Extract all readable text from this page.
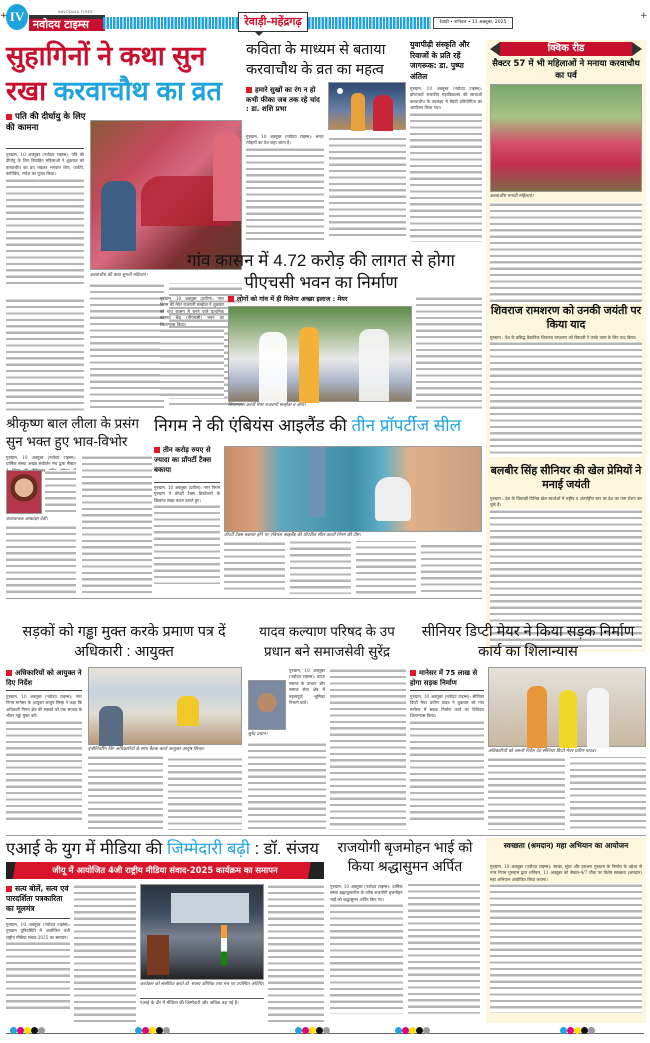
IV	NAVODAYA TIMES
नवोदय टाइम्स	रेवाड़ी-महेंद्रगढ़	रेवाड़ी • शनिवार • 11 अक्तूबर, 2025
+	+
सुहागिनों ने कथा सुन
रखा करवाचौथ का व्रत
पति की दीर्घायु के लिए की कामना
गुरुग्राम, 10 अक्तूबर (नवोदय टाइम्स): पति की दीर्घायु के लिए विवाहित महिलाओं ने शुक्रवार को करवाचौथ का व्रत रखकर भगवान शिव, पार्वती, कार्तिकेय, गणेश का पूजन किया।
करवाचौथ की कथा सुनती महिलाएं।
कविता के माध्यम से बताया करवाचौथ के व्रत का महत्व
हमारे सुखों का रंग न हो कभी फीका जब तक रहे चांद : डा. शशि प्रभा
गुरुग्राम, 10 अक्तूबर (नवोदय टाइम्स): भारत त्योहारों का देश कहा जाता है।
युवापीढ़ी संस्कृति और रिवाजों के प्रति रहें जागरूक: डा. पुष्पा अंतिल
गुरुग्राम, 10 अक्तूबर (नवोदय टाइम्स): द्रोणाचार्य राजकीय महाविद्यालय की छात्राओं करवाचौथ के उपलक्ष्य में मेहंदी प्रतियोगिता का आयोजन किया गया।
क्विक रीड
सैक्टर 57 में भी महिलाओं ने मनाया करवाचौथ का पर्व
करवाचौथ मनाती महिलाएं।
शिवराज रामशरण को उनकी जयंती पर किया याद
गुरुग्राम : देश के प्रसिद्ध वैज्ञानिक शिवराज रामशरण को बिरादरी ने उनके काम के लिए याद किया।
बलबीर सिंह सीनियर की खेल प्रेमियों ने मनाई जयंती
गुरुग्राम : देश के खिलाड़ी विभिन्न खेल स्पर्धाओं में राष्ट्रीय व अंतर्राष्ट्रीय स्तर पर देश का नाम रोशन कर चुके हैं।
गांव कासन में 4.72 करोड़ की लागत से होगा पीएचसी भवन का निर्माण
गुरुग्राम, 10 अक्तूबर (प्रवीण): नगर निगम की मेयर राजरानी मल्होत्रा ने शुक्रवार को गांव कासन में बनने वाले प्राथमिक स्वास्थ्य केंद्र (पीएचसी) भवन का शिलान्यास किया।
लोगों को गांव में ही मिलेगा अच्छा इलाज : मेयर
शिलान्यास करतीं मेयर राजरानी मल्होत्रा व अन्य।
श्रीकृष्ण बाल लीला के प्रसंग
सुन भक्त हुए भाव-विभोर
गुरुग्राम, 10 अक्तूबर (नवोदय टाइम्स): धार्मिक संस्था अखंड संकीर्तन मंच द्वारा सैक्टर
कथावाचक आकांक्षा देवी।
निगम ने की एंबियंस आइलैंड की तीन प्रॉपर्टीज सील
तीन करोड़ रुपए से ज्यादा का प्रॉपर्टी टैक्स बकाया
गुरुग्राम, 10 अक्तूबर (प्रवीण): नगर निगम गुरुग्राम ने प्रॉपर्टी टैक्स डिफॉल्टरों के खिलाफ सख्त कदम उठाते हुए।
प्रॉपर्टी टैक्स बकाया होने पर एंबियंस आइलैंड की प्रॉपर्टीज सील करती निगम की टीम।
सड़कों को गड्ढा मुक्त करके प्रमाण पत्र दें अधिकारी : आयुक्त
अधिकारियों को आयुक्त ने दिए निर्देश
गुरुग्राम, 10 अक्तूबर (नवोदय टाइम्स): नगर निगम मानेसर के आयुक्त आयुष सिन्हा ने कहा कि अधिकारी निगम क्षेत्र की सड़कों को एक सप्ताह के भीतर गड्ढा मुक्त करें।
इंजीनियरिंग विंग अधिकारियों के साथ बैठक करते आयुक्त आयुष सिन्हा।
यादव कल्याण परिषद के उप प्रधान बने समाजसेवी सुरेंद्र
सुरेंद्र प्रधान।
गुरुग्राम, 10 अक्तूबर (नवोदय टाइम्स): यादव समाज के उत्थान और समाज सेवा क्षेत्र में महत्वपूर्ण भूमिका निभाने वाले।
सीनियर डिप्टी मेयर ने किया सड़क निर्माण कार्य का शिलान्यास
मानेसर में 75 लाख से होगा सड़क निर्माण
गुरुग्राम, 10 अक्तूबर (नवोदय टाइम्स): सीनियर डिप्टी मेयर प्रवीण यादव ने शुक्रवार को गांव मानेसर में सड़क निर्माण कार्य का विधिवत शिलान्यास किया।
अधिकारियों को जरूरी निर्देश देते सीनियर डिप्टी मेयर प्रवीण यादव।
एआई के युग में मीडिया की जिम्मेदारी बढ़ी : डॉ. संजय
जीयू में आयोजित 4जी राष्ट्रीय मीडिया संवाद-2025 कार्यक्रम का समापन
सत्य बोलें, सत्य एवं पारदर्शिता पत्रकारिता का मूलमंत्र
गुरुग्राम, 10 अक्तूबर (नवोदय टाइम्स): गुरुग्राम यूनिवर्सिटी में आयोजित 4थी राष्ट्रीय मीडिया संवाद-2025 का समापन।
कार्यक्रम को संबोधित करते डॉ. संजय कौशिक तथा मंच पर उपस्थित अतिथि।
एआई के दौर में मीडिया की जिम्मेदारी और अधिक बढ़ गई है।
राजयोगी बृजमोहन भाई को किया श्रद्धासुमन अर्पित
गुरुग्राम, 10 अक्तूबर (नवोदय टाइम्स): धार्मिक संस्था ब्रह्माकुमारीज के वरिष्ठ राजयोगी बृजमोहन भाई को श्रद्धासुमन अर्पित किए गए।
स्वच्छता (श्रमदान) महा अभियान का आयोजन
गुरुग्राम, 10 अक्तूबर (नवोदय टाइम्स): स्वच्छ, सुंदर और हराभरा गुरुग्राम के निर्माण के उद्देश्य से नगर निगम गुरुग्राम द्वारा शनिवार, 11 अक्तूबर को सेक्टर-4/7 चौक पर विशेष स्वच्छता (श्रमदान) महा अभियान आयोजित किया जाएगा।
